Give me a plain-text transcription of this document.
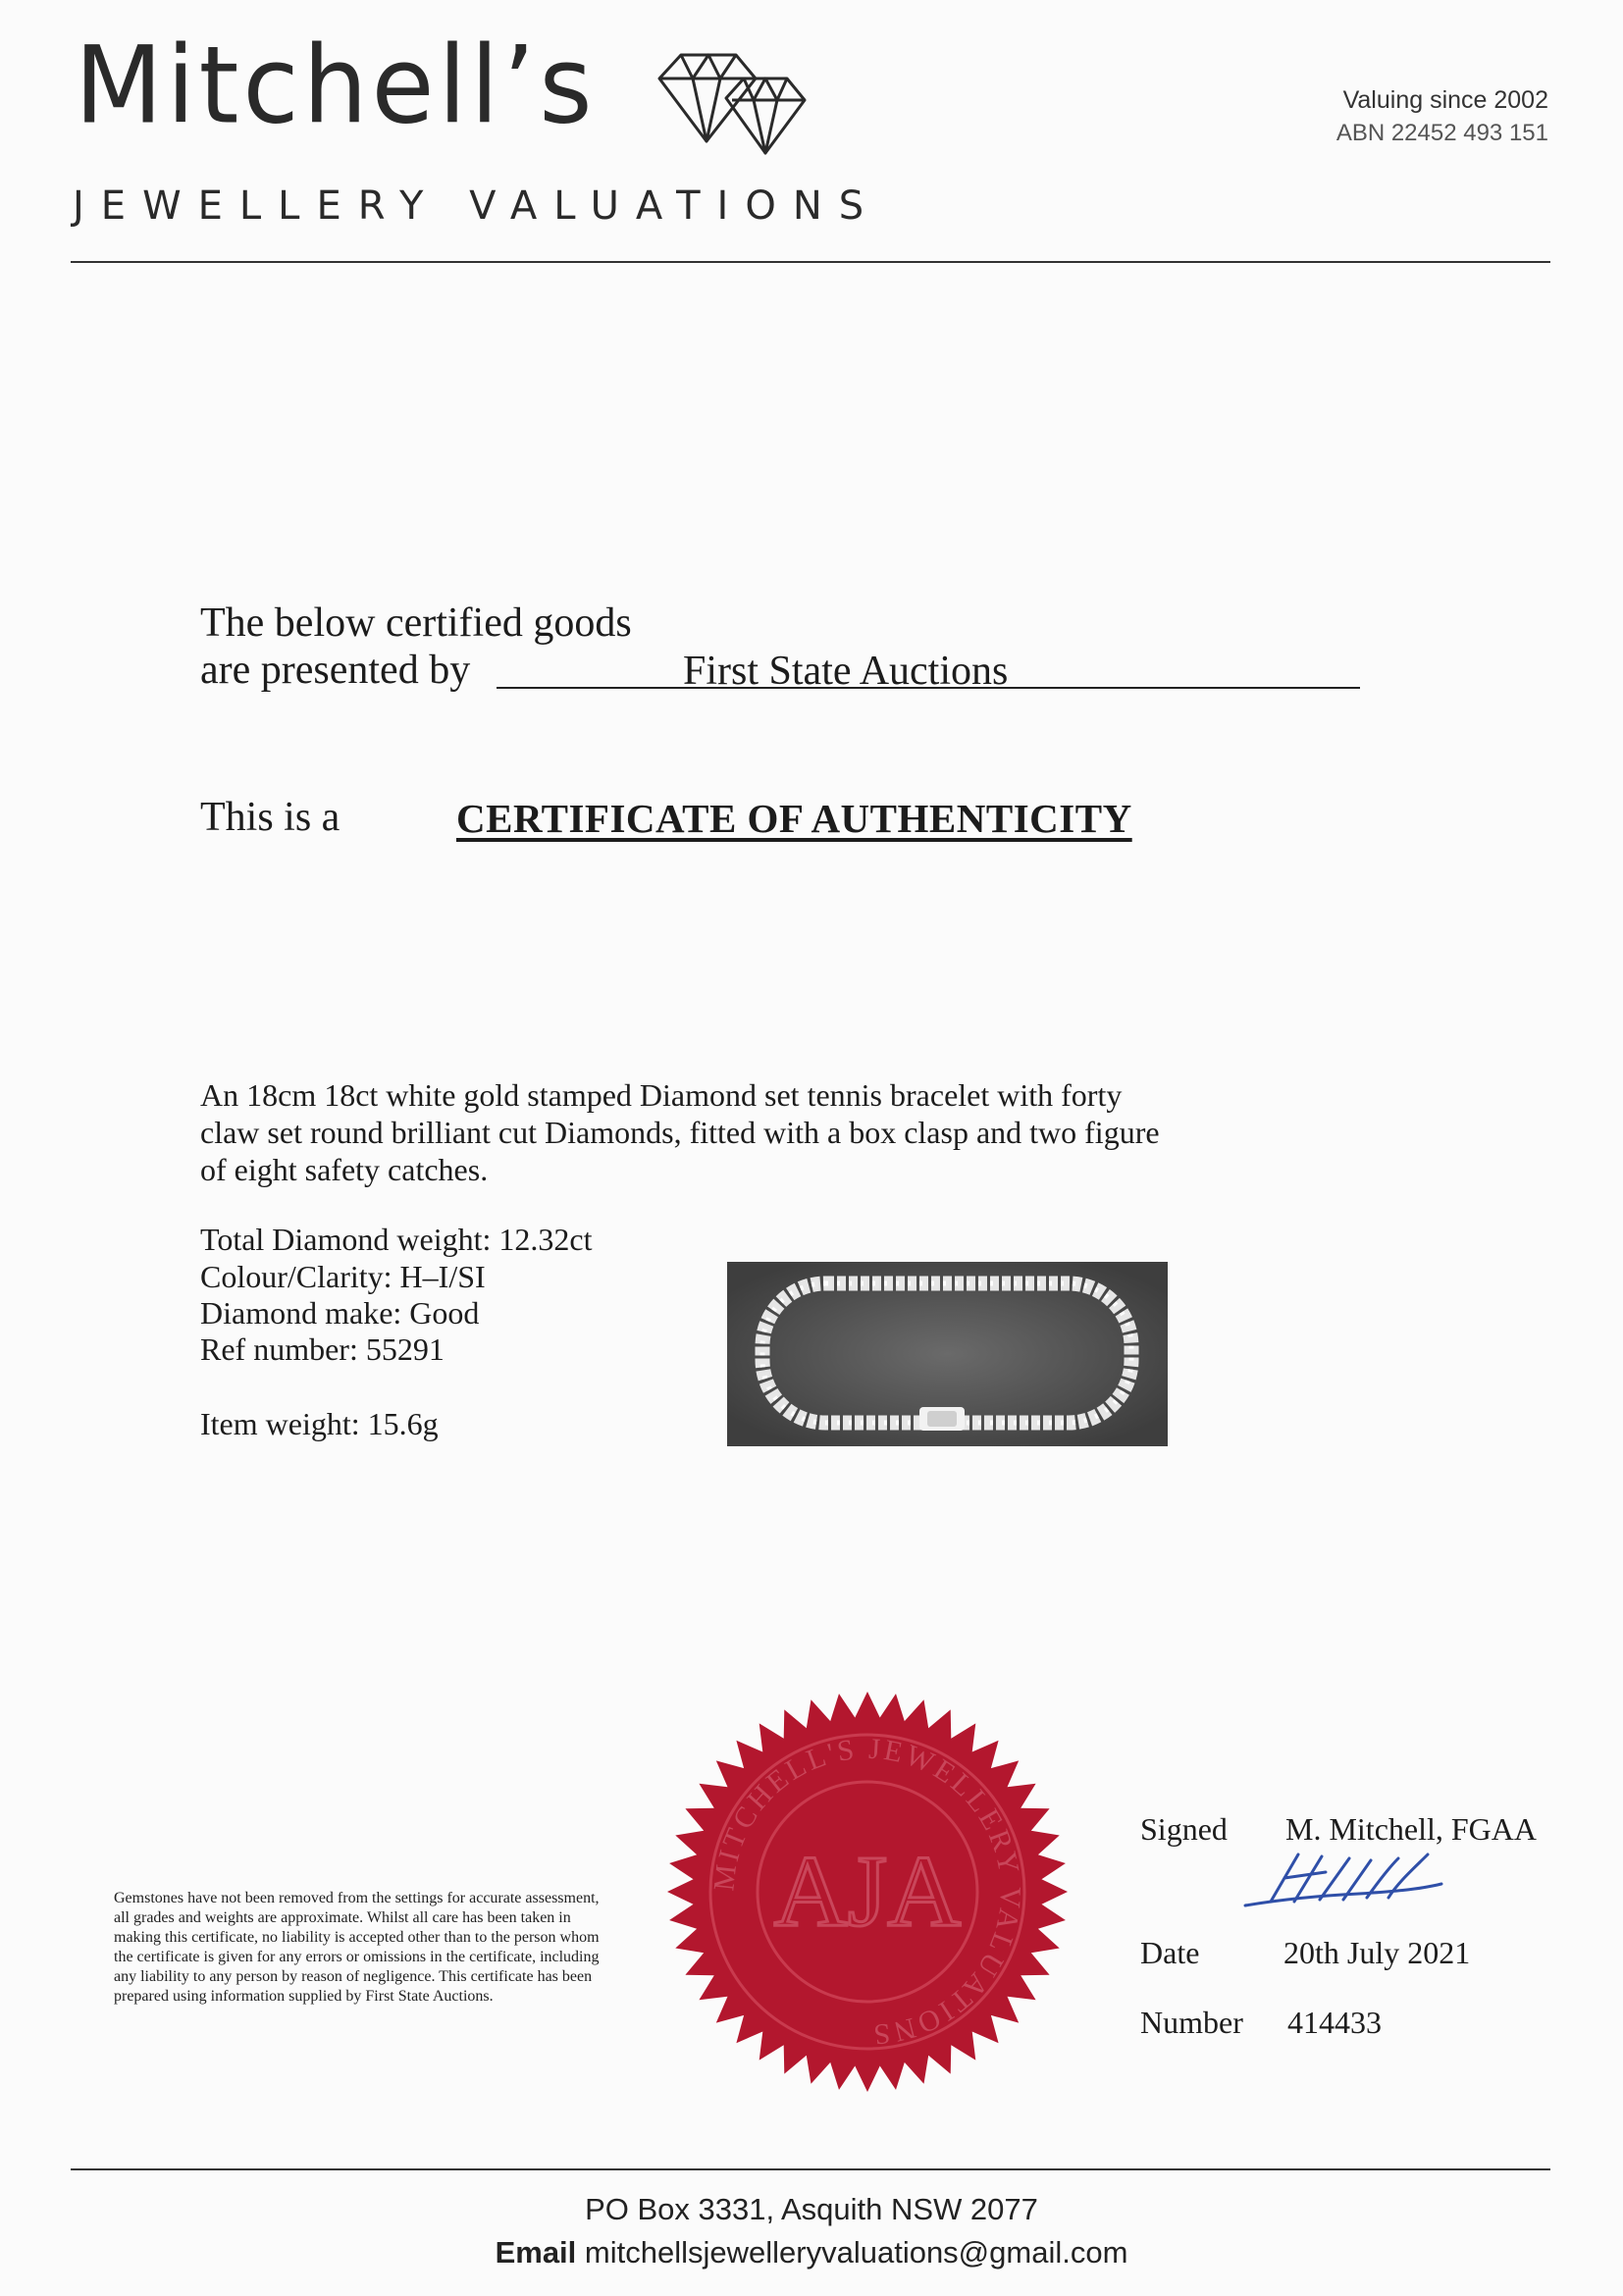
Mitchell’s
JEWELLERY VALUATIONS
Valuing since 2002
ABN 22452 493 151
The below certified goods
are presented by	First State Auctions
This is a	CERTIFICATE OF AUTHENTICITY
An 18cm 18ct white gold stamped Diamond set tennis bracelet with forty claw set round brilliant cut Diamonds, fitted with a box clasp and two figure of eight safety catches.
Total Diamond weight: 12.32ct
Colour/Clarity: H–I/SI
Diamond make: Good
Ref number: 55291
Item weight: 15.6g
Gemstones have not been removed from the settings for accurate assessment, all grades and weights are approximate. Whilst all care has been taken in making this certificate, no liability is accepted other than to the person whom the certificate is given for any errors or omissions in the certificate, including any liability to any person by reason of negligence. This certificate has been prepared using information supplied by First State Auctions.
MITCHELL'S JEWELLERY VALUATIONS
AJA
Signed M. Mitchell, FGAA
Date	20th July 2021
Number 414433
PO Box 3331, Asquith NSW 2077
Email mitchellsjewelleryvaluations@gmail.com
